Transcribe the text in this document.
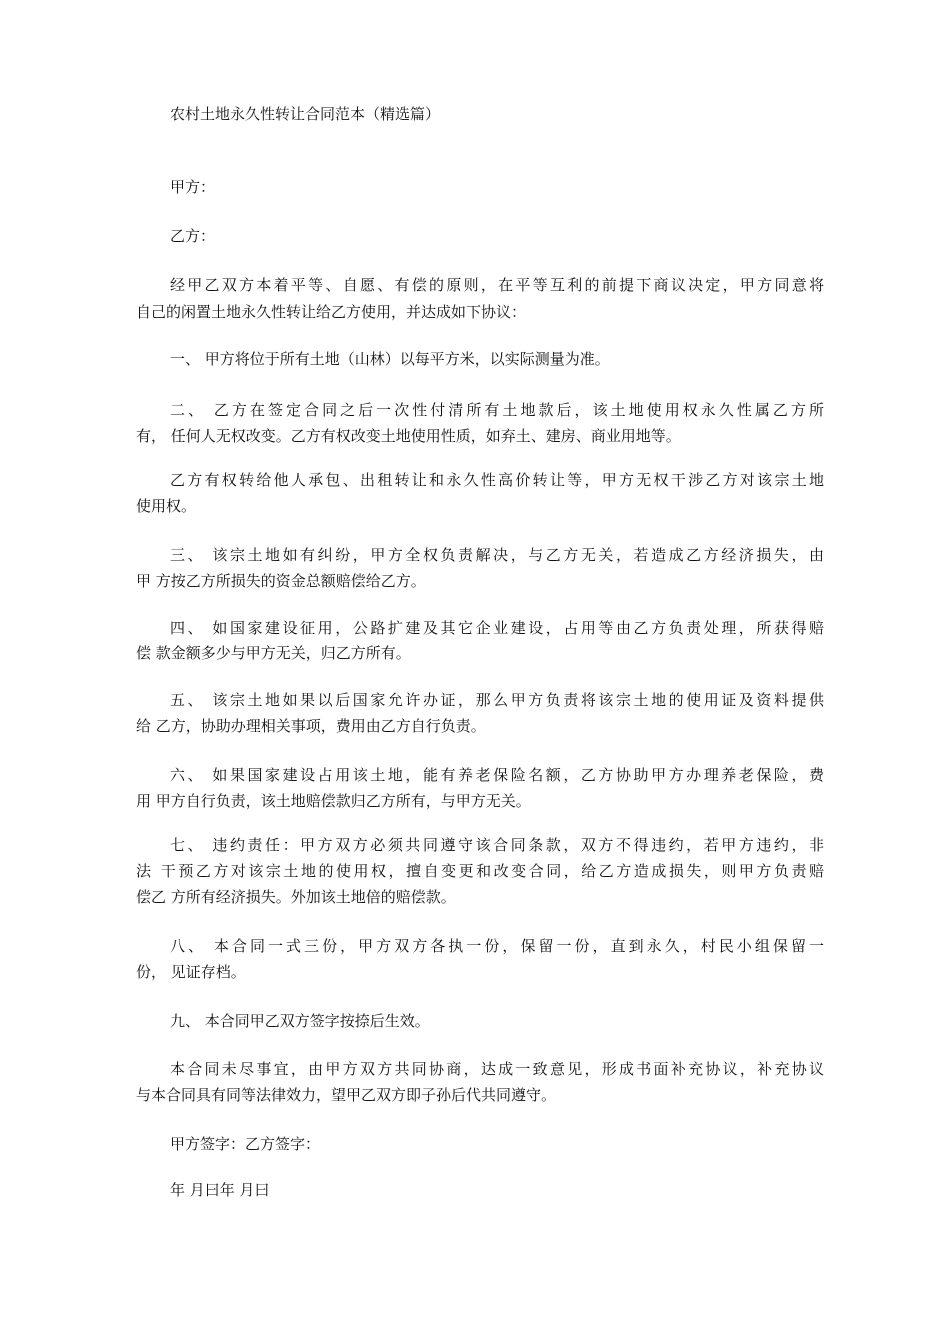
农村土地永久性转让合同范本（精选篇）
甲方：
乙方：
经甲乙双方本着平等、自愿、有偿的原则，在平等互利的前提下商议决定，甲方同意将
自己的闲置土地永久性转让给乙方使用，并达成如下协议：
一、 甲方将位于所有土地（山林）以每平方米，以实际测量为准。
二、 乙方在签定合同之后一次性付清所有土地款后，该土地使用权永久性属乙方所
有， 任何人无权改变。乙方有权改变土地使用性质，如弃土、建房、商业用地等。
乙方有权转给他人承包、出租转让和永久性高价转让等，甲方无权干涉乙方对该宗土地
使用权。
三、 该宗土地如有纠纷，甲方全权负责解决，与乙方无关，若造成乙方经济损失，由
甲 方按乙方所损失的资金总额赔偿给乙方。
四、 如国家建设征用，公路扩建及其它企业建设，占用等由乙方负责处理，所获得赔
偿 款金额多少与甲方无关，归乙方所有。
五、 该宗土地如果以后国家允许办证，那么甲方负责将该宗土地的使用证及资料提供
给 乙方，协助办理相关事项，费用由乙方自行负责。
六、 如果国家建设占用该土地，能有养老保险名额，乙方协助甲方办理养老保险，费
用 甲方自行负责，该土地赔偿款归乙方所有，与甲方无关。
七、 违约责任：甲方双方必须共同遵守该合同条款，双方不得违约，若甲方违约，非
法 干预乙方对该宗土地的使用权，擅自变更和改变合同，给乙方造成损失，则甲方负责赔
偿乙 方所有经济损失。外加该土地倍的赔偿款。
八、 本合同一式三份，甲方双方各执一份，保留一份，直到永久，村民小组保留一
份， 见证存档。
九、 本合同甲乙双方签字按捺后生效。
本合同未尽事宜，由甲方双方共同协商，达成一致意见，形成书面补充协议，补充协议
与本合同具有同等法律效力，望甲乙双方即子孙后代共同遵守。
甲方签字：乙方签字：
年 月曰年 月曰
